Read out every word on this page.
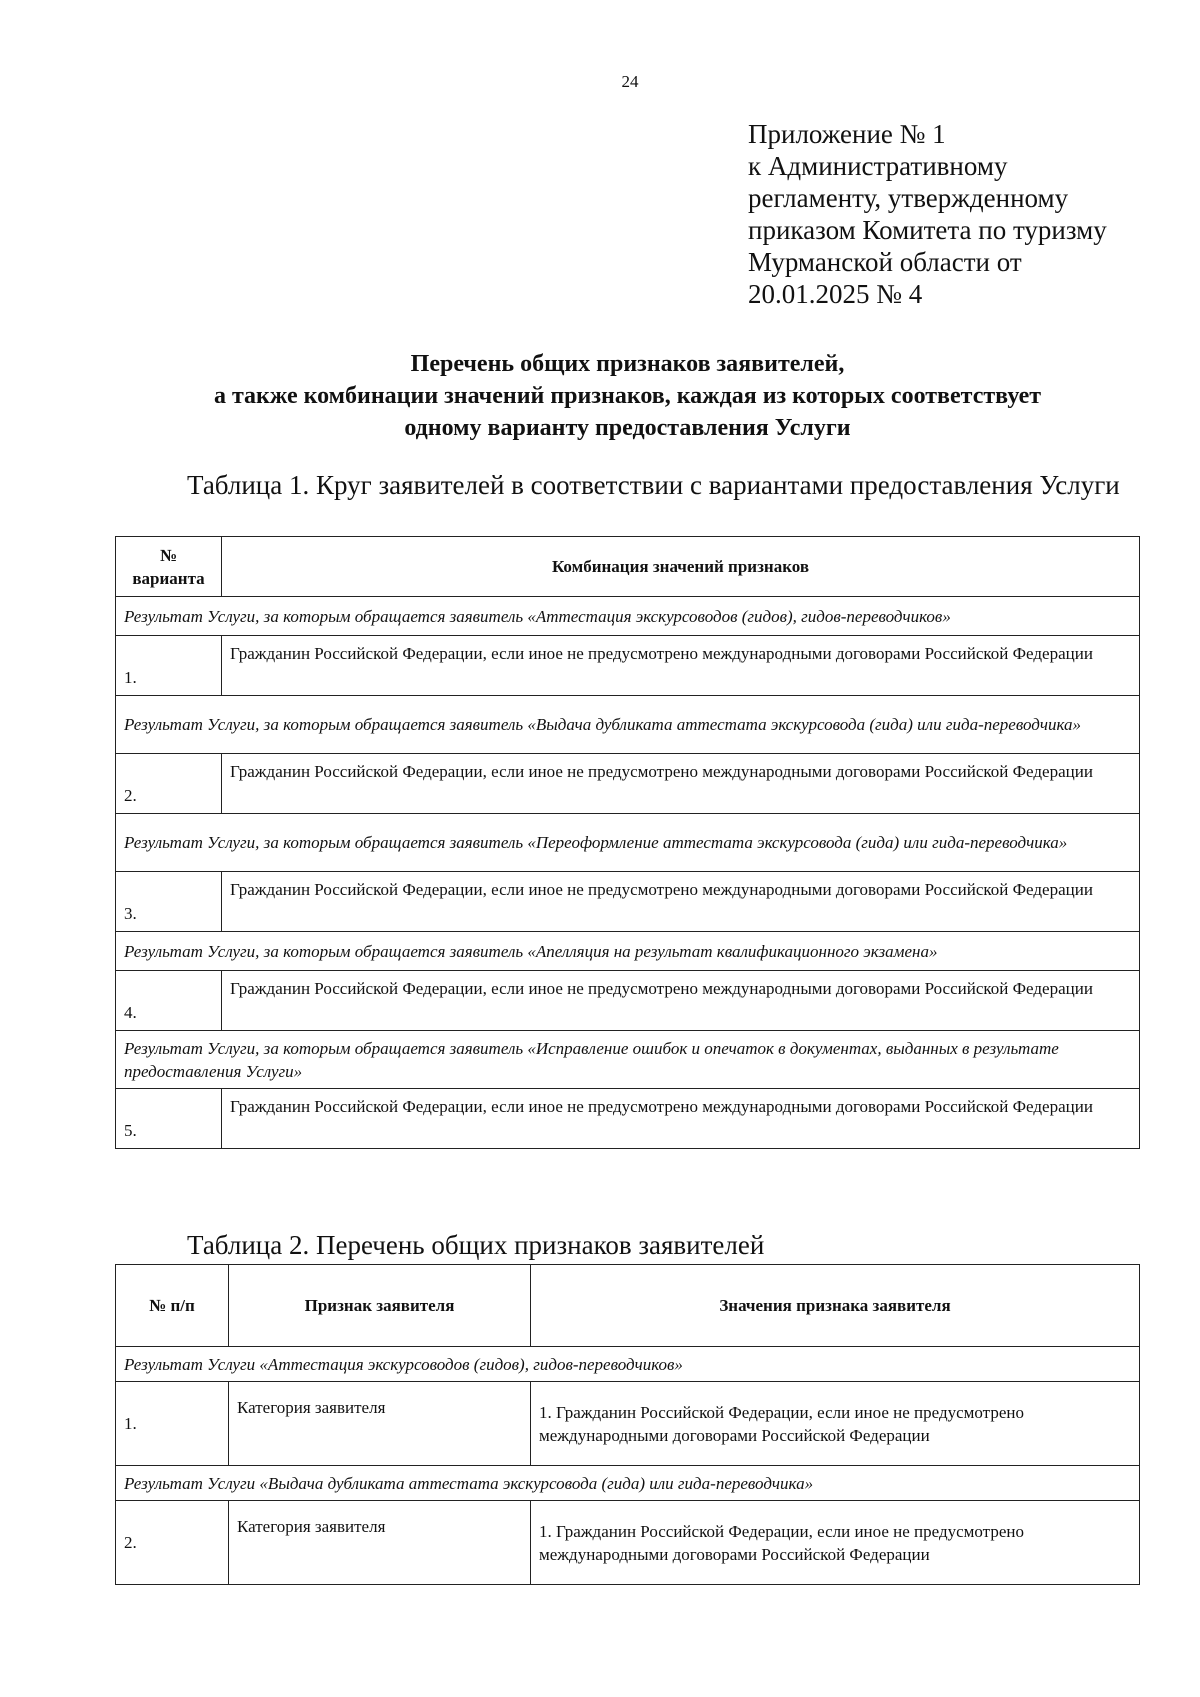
24
Приложение № 1
к Административному
регламенту, утвержденному
приказом Комитета по туризму
Мурманской области от
20.01.2025 № 4
Перечень общих признаков заявителей,
а также комбинации значений признаков, каждая из которых соответствует
одному варианту предоставления Услуги
Таблица 1. Круг заявителей в соответствии с вариантами предоставления Услуги
№ варианта	Комбинация значений признаков
Результат Услуги, за которым обращается заявитель «Аттестация экскурсоводов (гидов), гидов-переводчиков»	
1.	Гражданин Российской Федерации, если иное не предусмотрено международными договорами Российской Федерации
Результат Услуги, за которым обращается заявитель «Выдача дубликата аттестата экскурсовода (гида) или гида-переводчика»	
2.	Гражданин Российской Федерации, если иное не предусмотрено международными договорами Российской Федерации
Результат Услуги, за которым обращается заявитель «Переоформление аттестата экскурсовода (гида) или гида-переводчика»	
3.	Гражданин Российской Федерации, если иное не предусмотрено международными договорами Российской Федерации
Результат Услуги, за которым обращается заявитель «Апелляция на результат квалификационного экзамена»	
4.	Гражданин Российской Федерации, если иное не предусмотрено международными договорами Российской Федерации
Результат Услуги, за которым обращается заявитель «Исправление ошибок и опечаток в документах, выданных в результате предоставления Услуги»	
5.	Гражданин Российской Федерации, если иное не предусмотрено международными договорами Российской Федерации
Таблица 2. Перечень общих признаков заявителей
№ п/п	Признак заявителя	Значения признака заявителя
Результат Услуги «Аттестация экскурсоводов (гидов), гидов-переводчиков»		
1.	Категория заявителя	1. Гражданин Российской Федерации, если иное не предусмотрено международными договорами Российской Федерации
Результат Услуги «Выдача дубликата аттестата экскурсовода (гида) или гида-переводчика»		
2.	Категория заявителя	1. Гражданин Российской Федерации, если иное не предусмотрено международными договорами Российской Федерации
